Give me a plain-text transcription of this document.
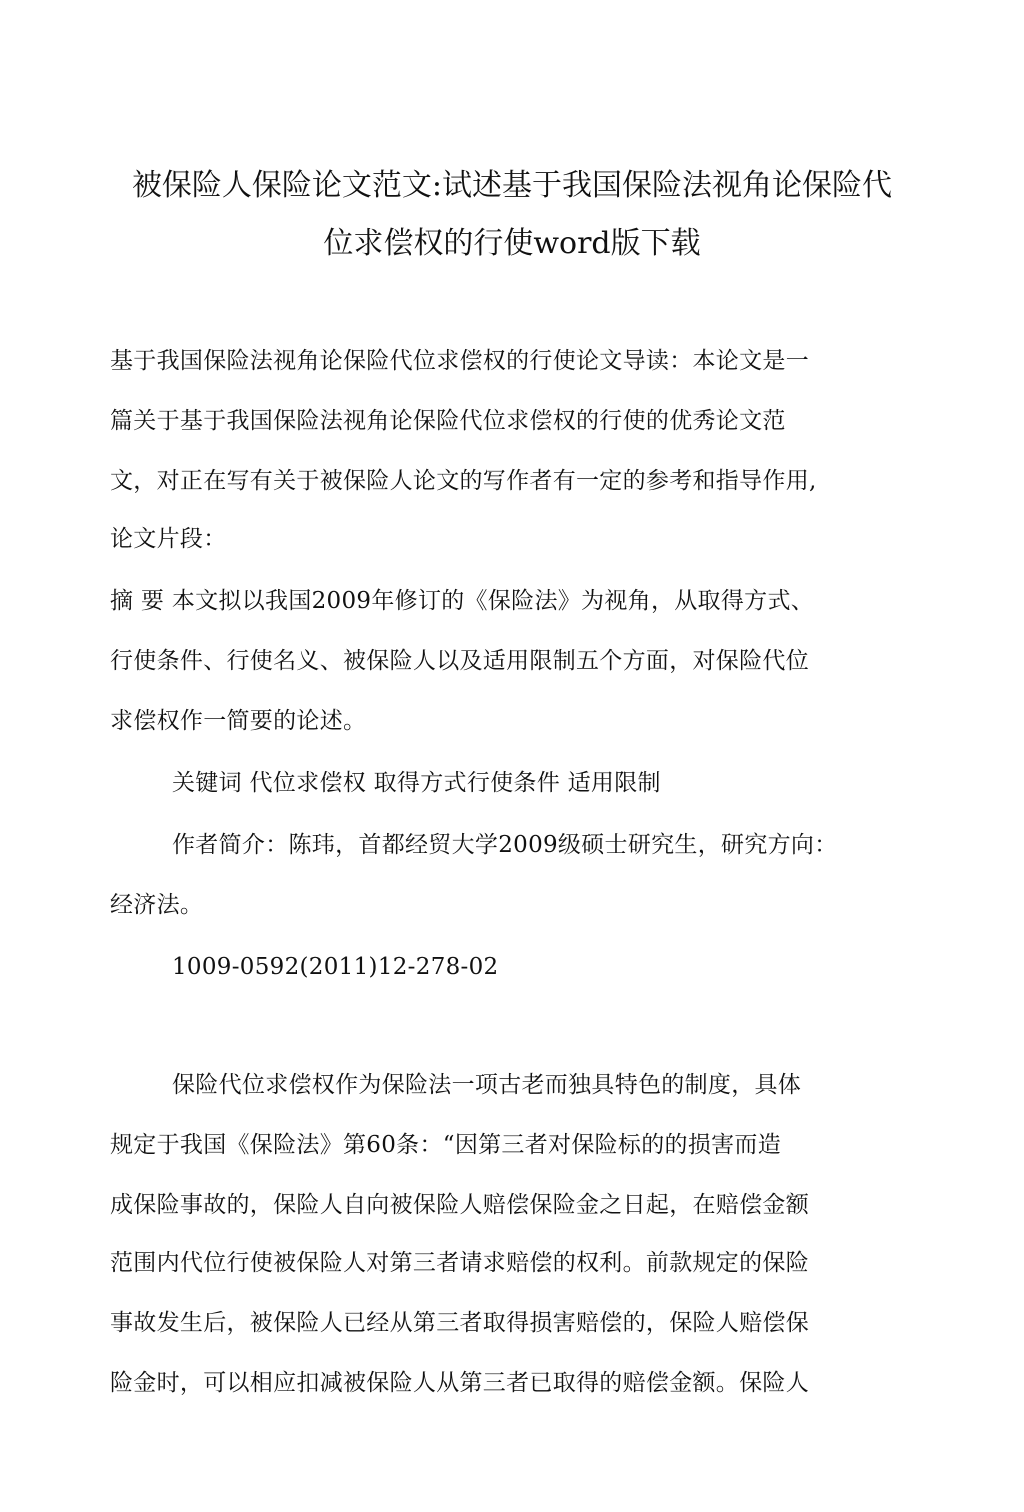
被保险人保险论文范文:试述基于我国保险法视角论保险代
位求偿权的行使word版下载
基于我国保险法视角论保险代位求偿权的行使论文导读：本论文是一
篇关于基于我国保险法视角论保险代位求偿权的行使的优秀论文范
文，对正在写有关于被保险人论文的写作者有一定的参考和指导作用,
论文片段：
摘 要 本文拟以我国2009年修订的《保险法》为视角，从取得方式、
行使条件、行使名义、被保险人以及适用限制五个方面，对保险代位
求偿权作一简要的论述。
关键词 代位求偿权 取得方式行使条件 适用限制
作者简介：陈玮，首都经贸大学2009级硕士研究生，研究方向：
经济法。
1009-0592(2011)12-278-02
保险代位求偿权作为保险法一项古老而独具特色的制度，具体
规定于我国《保险法》第60条：“因第三者对保险标的的损害而造
成保险事故的，保险人自向被保险人赔偿保险金之日起，在赔偿金额
范围内代位行使被保险人对第三者请求赔偿的权利。前款规定的保险
事故发生后，被保险人已经从第三者取得损害赔偿的，保险人赔偿保
险金时，可以相应扣减被保险人从第三者已取得的赔偿金额。保险人
